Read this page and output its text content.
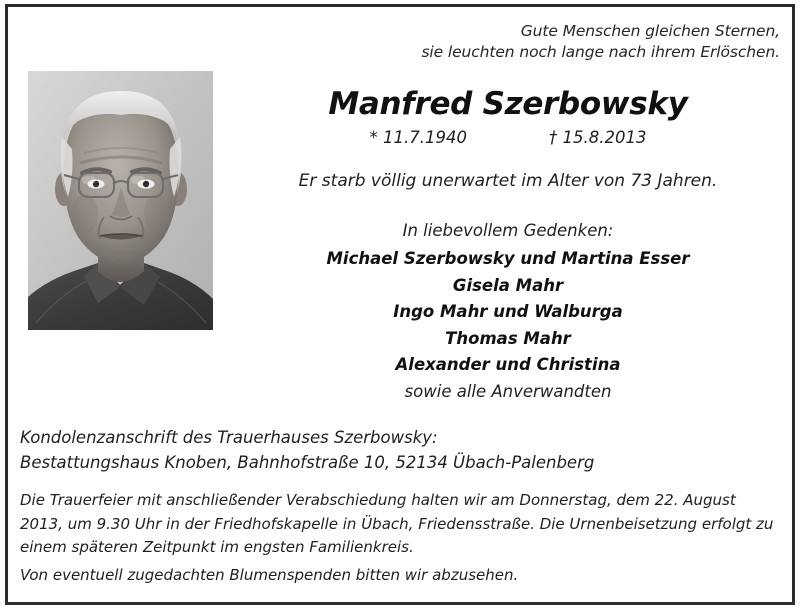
Gute Menschen gleichen Sternen,
sie leuchten noch lange nach ihrem Erlöschen.
Manfred Szerbowsky
* 11.7.1940	† 15.8.2013
Er starb völlig unerwartet im Alter von 73 Jahren.
In liebevollem Gedenken:
Michael Szerbowsky und Martina Esser
Gisela Mahr
Ingo Mahr und Walburga
Thomas Mahr
Alexander und Christina
sowie alle Anverwandten
Kondolenzanschrift des Trauerhauses Szerbowsky:
Bestattungshaus Knoben, Bahnhofstraße 10, 52134 Übach-Palenberg
Die Trauerfeier mit anschließender Verabschiedung halten wir am Donnerstag, dem 22. August 2013, um 9.30 Uhr in der Friedhofskapelle in Übach, Friedensstraße. Die Urnenbeisetzung erfolgt zu einem späteren Zeitpunkt im engsten Familienkreis.
Von eventuell zugedachten Blumenspenden bitten wir abzusehen.
